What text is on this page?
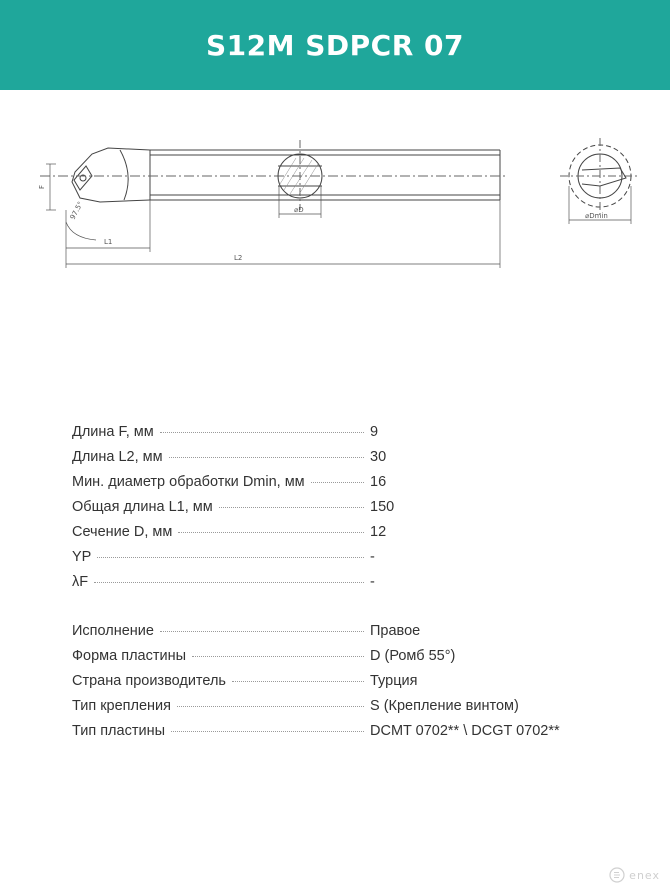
S12M SDPCR 07
F
97.5°
L1
L2
⌀D
⌀Dmin
Длина F, мм	9
Длина L2, мм	30
Мин. диаметр обработки Dmin, мм	16
Общая длина L1, мм	150
Сечение D, мм	12
YP	-
λF	-
Исполнение	Правое
Форма пластины	D (Ромб 55°)
Страна производитель	Турция
Тип крепления	S (Крепление винтом)
Тип пластины	DCMT 0702** \ DCGT 0702**
enex
